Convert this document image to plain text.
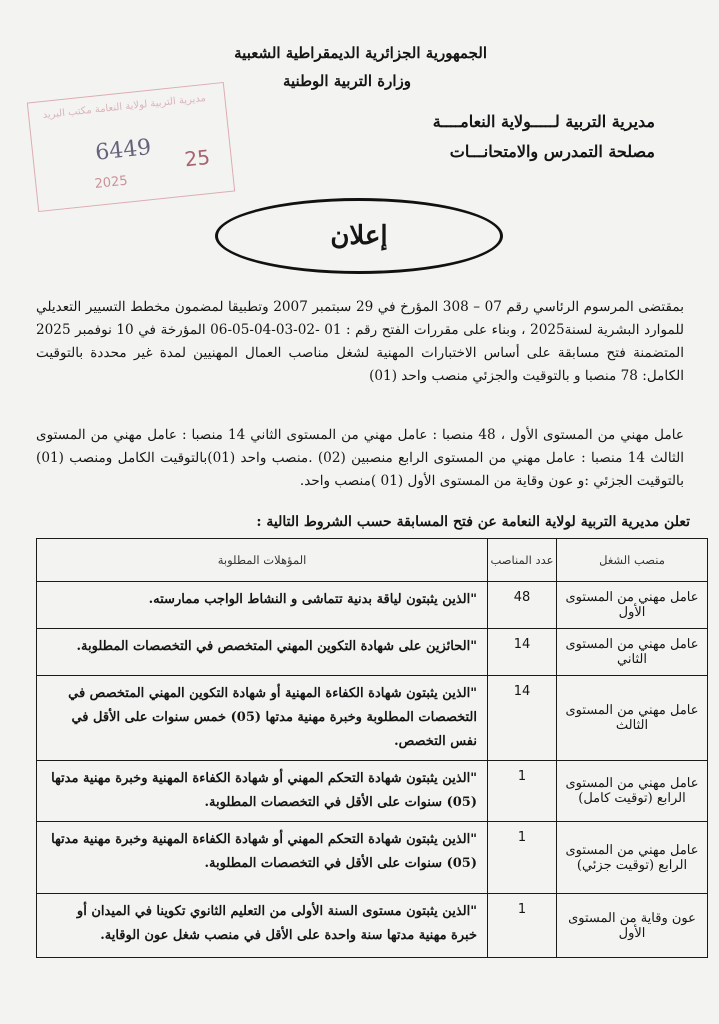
الجمهورية الجزائرية الديمقراطية الشعبية
وزارة التربية الوطنية
مديرية التربية لـــــولاية النعامــــة
مصلحة التمدرس والامتحانـــات
مديرية التربية لولاية النعامة مكتب البريد
6449 25
2025
إعلان
بمقتضى المرسوم الرئاسي رقم 07 – 308 المؤرخ في 29 سبتمبر 2007 وتطبيقا لمضمون مخطط التسيير التعديلي للموارد البشرية لسنة2025 ، وبناء على مقررات الفتح رقم : 01 -02-03-04-05-06 المؤرخة في 10 نوفمبر 2025 المتضمنة فتح مسابقة على أساس الاختبارات المهنية لشغل مناصب العمال المهنيين لمدة غير محددة بالتوقيت الكامل: 78 منصبا و بالتوقيت والجزئي منصب واحد (01)
عامل مهني من المستوى الأول ، 48 منصبا : عامل مهني من المستوى الثاني 14 منصبا : عامل مهني من المستوى الثالث 14 منصبا : عامل مهني من المستوى الرابع منصبين (02) .منصب واحد (01)بالتوقيت الكامل ومنصب (01) بالتوقيت الجزئي :و عون وقاية من المستوى الأول (01 )منصب واحد.
تعلن مديرية التربية لولاية النعامة عن فتح المسابقة حسب الشروط التالية :
منصب الشغل	عدد المناصب	المؤهلات المطلوبة
عامل مهني من المستوى الأول	48	"الذين يثبتون لياقة بدنية تتماشى و النشاط الواجب ممارسته.
عامل مهني من المستوى الثاني	14	"الحائزين على شهادة التكوين المهني المتخصص في التخصصات المطلوبة.
عامل مهني من المستوى الثالث	14	"الذين يثبتون شهادة الكفاءة المهنية أو شهادة التكوين المهني المتخصص في التخصصات المطلوبة وخبرة مهنية مدتها (05) خمس سنوات على الأقل في نفس التخصص.
عامل مهني من المستوى الرابع (توقيت كامل)	1	"الذين يثبتون شهادة التحكم المهني أو شهادة الكفاءة المهنية وخبرة مهنية مدتها (05) سنوات على الأقل في التخصصات المطلوبة.
عامل مهني من المستوى الرابع (توقيت جزئي)	1	"الذين يثبتون شهادة التحكم المهني أو شهادة الكفاءة المهنية وخبرة مهنية مدتها (05) سنوات على الأقل في التخصصات المطلوبة.
عون وقاية من المستوى الأول	1	"الذين يثبتون مستوى السنة الأولى من التعليم الثانوي تكوينا في الميدان أو خبرة مهنية مدتها سنة واحدة على الأقل في منصب شغل عون الوقاية.
